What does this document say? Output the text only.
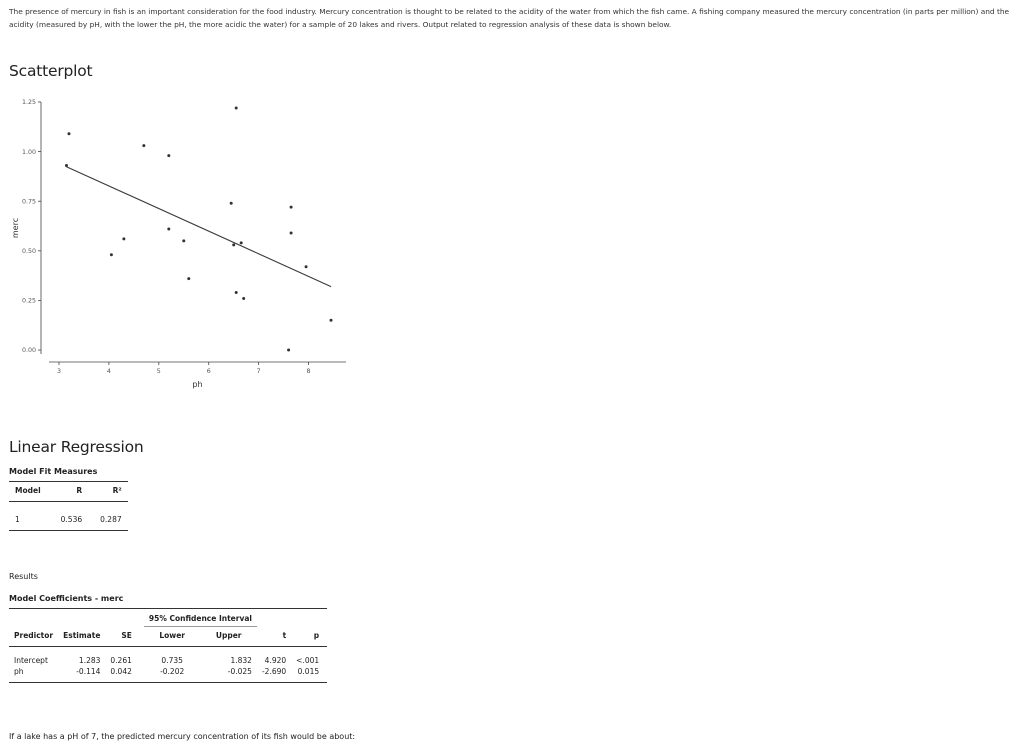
The presence of mercury in fish is an important consideration for the food industry. Mercury concentration is thought to be related to the acidity of the water from which the fish came. A fishing company measured the mercury concentration (in parts per million) and the acidity (measured by pH, with the lower the pH, the more acidic the water) for a sample of 20 lakes and rivers. Output related to regression analysis of these data is shown below.
Scatterplot
0.00
0.25
0.50
0.75
1.00
1.25
3	4	5	6	7	8
merc
ph
Linear Regression
Model Fit Measures
Model	R	R²
1	0.536	0.287
Results
Model Coefficients - merc
			95% Confidence Interval			
Predictor	Estimate	SE	Lower	Upper	t	p
Intercept	1.283	0.261	0.735	1.832	4.920	<.001
ph	-0.114	0.042	-0.202	-0.025	-2.690	0.015
If a lake has a pH of 7, the predicted mercury concentration of its fish would be about:
